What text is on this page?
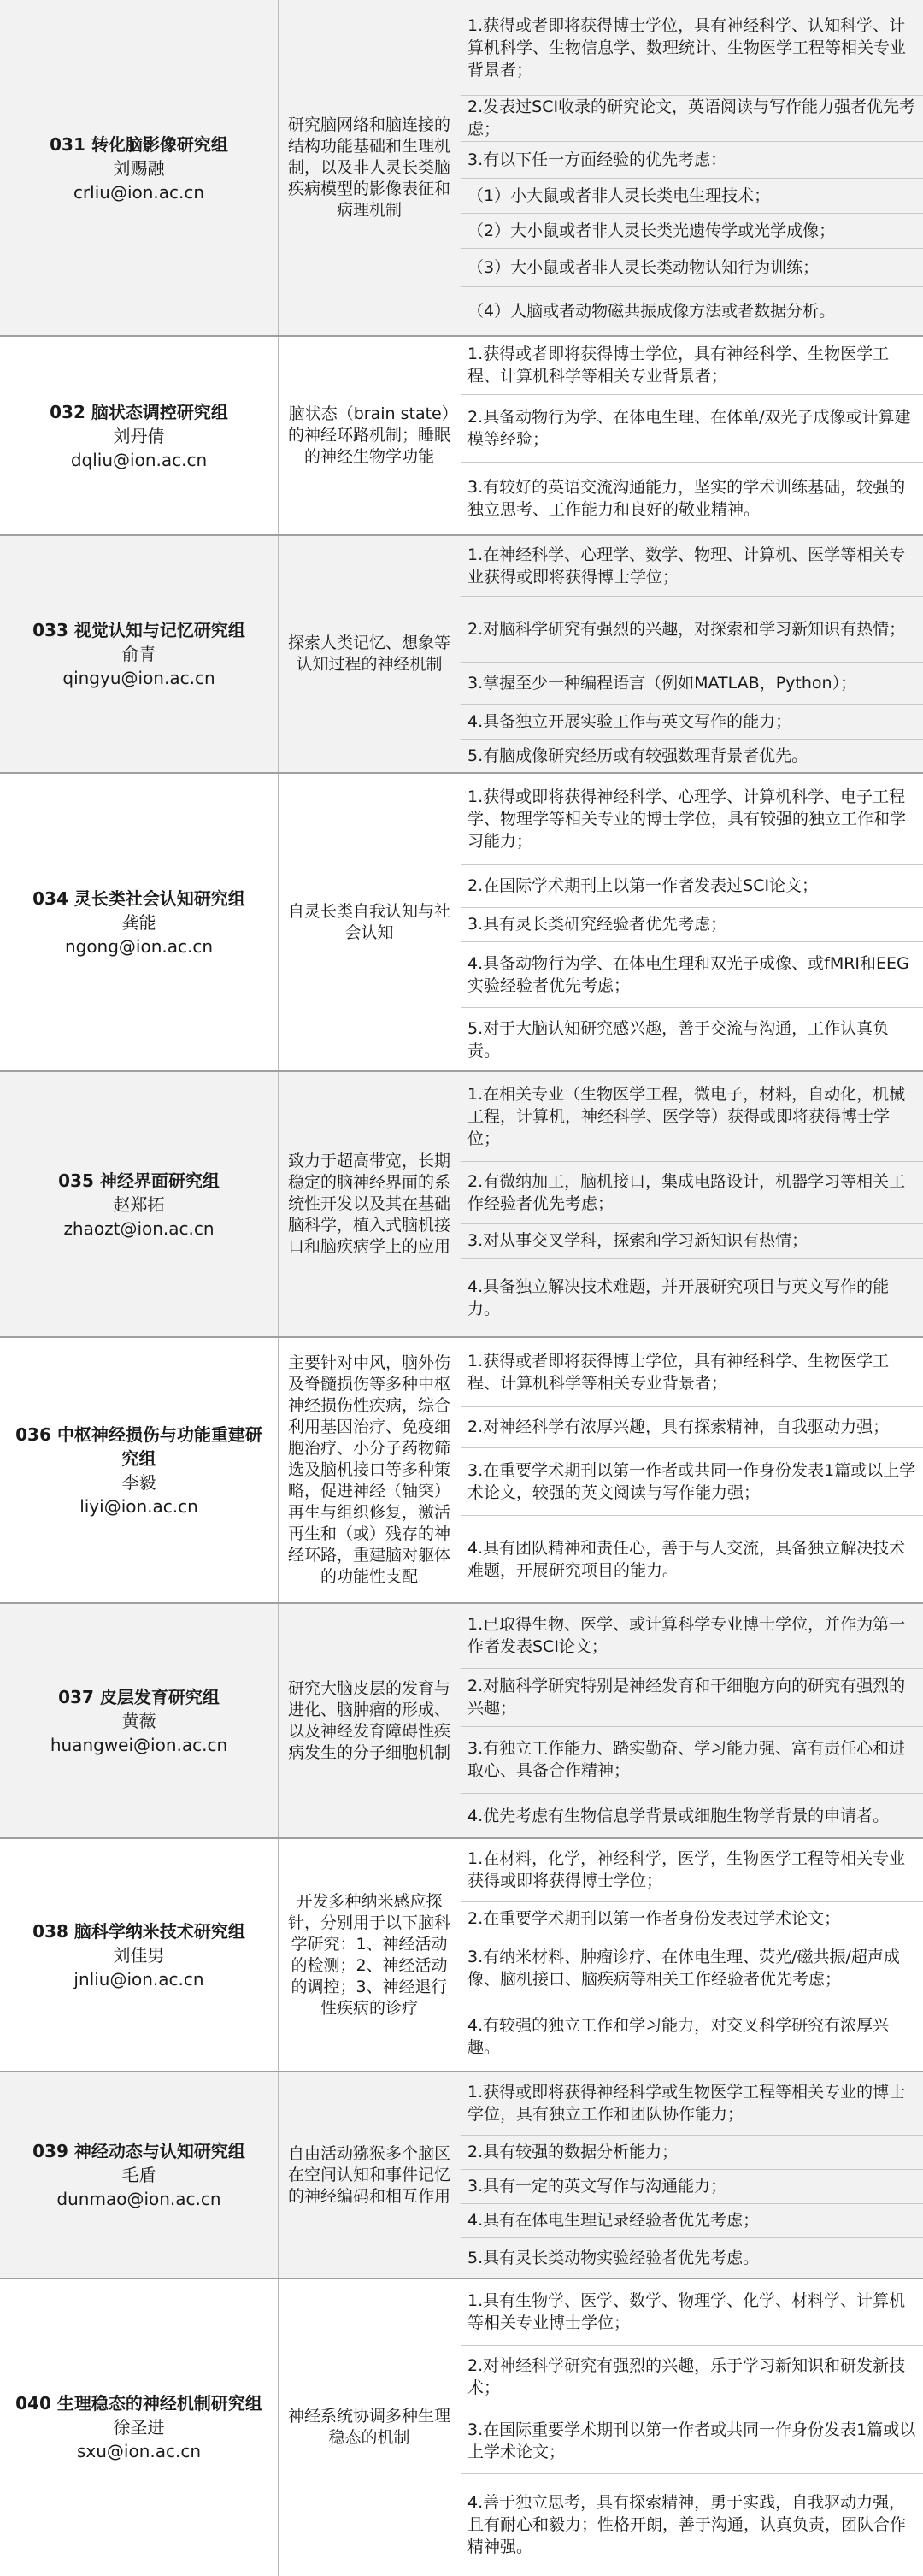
031 转化脑影像研究组
刘赐融
crliu@ion.ac.cn
研究脑网络和脑连接的结构功能基础和生理机制，以及非人灵长类脑疾病模型的影像表征和病理机制
1.获得或者即将获得博士学位，具有神经科学、认知科学、计算机科学、生物信息学、数理统计、生物医学工程等相关专业背景者；
2.发表过SCI收录的研究论文，英语阅读与写作能力强者优先考虑；
3.有以下任一方面经验的优先考虑：
（1）小大鼠或者非人灵长类电生理技术；
（2）大小鼠或者非人灵长类光遗传学或光学成像；
（3）大小鼠或者非人灵长类动物认知行为训练；
（4）人脑或者动物磁共振成像方法或者数据分析。
032 脑状态调控研究组
刘丹倩
dqliu@ion.ac.cn
脑状态（brain state）的神经环路机制；睡眠的神经生物学功能
1.获得或者即将获得博士学位，具有神经科学、生物医学工程、计算机科学等相关专业背景者；
2.具备动物行为学、在体电生理、在体单/双光子成像或计算建模等经验；
3.有较好的英语交流沟通能力，坚实的学术训练基础，较强的独立思考、工作能力和良好的敬业精神。
033 视觉认知与记忆研究组
俞青
qingyu@ion.ac.cn
探索人类记忆、想象等认知过程的神经机制
1.在神经科学、心理学、数学、物理、计算机、医学等相关专业获得或即将获得博士学位；
2.对脑科学研究有强烈的兴趣，对探索和学习新知识有热情；
3.掌握至少一种编程语言（例如MATLAB，Python）；
4.具备独立开展实验工作与英文写作的能力；
5.有脑成像研究经历或有较强数理背景者优先。
034 灵长类社会认知研究组
龚能
ngong@ion.ac.cn
自灵长类自我认知与社会认知
1.获得或即将获得神经科学、心理学、计算机科学、电子工程学、物理学等相关专业的博士学位，具有较强的独立工作和学习能力；
2.在国际学术期刊上以第一作者发表过SCI论文；
3.具有灵长类研究经验者优先考虑；
4.具备动物行为学、在体电生理和双光子成像、或fMRI和EEG实验经验者优先考虑；
5.对于大脑认知研究感兴趣，善于交流与沟通，工作认真负责。
035 神经界面研究组
赵郑拓
zhaozt@ion.ac.cn
致力于超高带宽，长期稳定的脑神经界面的系统性开发以及其在基础脑科学，植入式脑机接口和脑疾病学上的应用
1.在相关专业（生物医学工程，微电子，材料，自动化，机械工程，计算机，神经科学、医学等）获得或即将获得博士学位；
2.有微纳加工，脑机接口，集成电路设计，机器学习等相关工作经验者优先考虑；
3.对从事交叉学科，探索和学习新知识有热情；
4.具备独立解决技术难题，并开展研究项目与英文写作的能力。
036 中枢神经损伤与功能重建研究组
李毅
liyi@ion.ac.cn
主要针对中风，脑外伤及脊髓损伤等多种中枢神经损伤性疾病，综合利用基因治疗、免疫细胞治疗、小分子药物筛选及脑机接口等多种策略，促进神经（轴突）再生与组织修复，激活再生和（或）残存的神经环路，重建脑对躯体的功能性支配
1.获得或者即将获得博士学位，具有神经科学、生物医学工程、计算机科学等相关专业背景者；
2.对神经科学有浓厚兴趣，具有探索精神，自我驱动力强；
3.在重要学术期刊以第一作者或共同一作身份发表1篇或以上学术论文，较强的英文阅读与写作能力强；
4.具有团队精神和责任心，善于与人交流，具备独立解决技术难题，开展研究项目的能力。
037 皮层发育研究组
黄薇
huangwei@ion.ac.cn
研究大脑皮层的发育与进化、脑肿瘤的形成、以及神经发育障碍性疾病发生的分子细胞机制
1.已取得生物、医学、或计算科学专业博士学位，并作为第一作者发表SCI论文；
2.对脑科学研究特别是神经发育和干细胞方向的研究有强烈的兴趣；
3.有独立工作能力、踏实勤奋、学习能力强、富有责任心和进取心、具备合作精神；
4.优先考虑有生物信息学背景或细胞生物学背景的申请者。
038 脑科学纳米技术研究组
刘佳男
jnliu@ion.ac.cn
开发多种纳米感应探针，分别用于以下脑科学研究：1、神经活动的检测；2、神经活动的调控；3、神经退行性疾病的诊疗
1.在材料，化学，神经科学，医学，生物医学工程等相关专业获得或即将获得博士学位；
2.在重要学术期刊以第一作者身份发表过学术论文；
3.有纳米材料、肿瘤诊疗、在体电生理、荧光/磁共振/超声成像、脑机接口、脑疾病等相关工作经验者优先考虑；
4.有较强的独立工作和学习能力，对交叉科学研究有浓厚兴趣。
039 神经动态与认知研究组
毛盾
dunmao@ion.ac.cn
自由活动猕猴多个脑区在空间认知和事件记忆的神经编码和相互作用
1.获得或即将获得神经科学或生物医学工程等相关专业的博士学位，具有独立工作和团队协作能力；
2.具有较强的数据分析能力；
3.具有一定的英文写作与沟通能力；
4.具有在体电生理记录经验者优先考虑；
5.具有灵长类动物实验经验者优先考虑。
040 生理稳态的神经机制研究组
徐圣进
sxu@ion.ac.cn
神经系统协调多种生理稳态的机制
1.具有生物学、医学、数学、物理学、化学、材料学、计算机等相关专业博士学位；
2.对神经科学研究有强烈的兴趣，乐于学习新知识和研发新技术；
3.在国际重要学术期刊以第一作者或共同一作身份发表1篇或以上学术论文；
4.善于独立思考，具有探索精神，勇于实践，自我驱动力强，且有耐心和毅力；性格开朗，善于沟通，认真负责，团队合作精神强。
